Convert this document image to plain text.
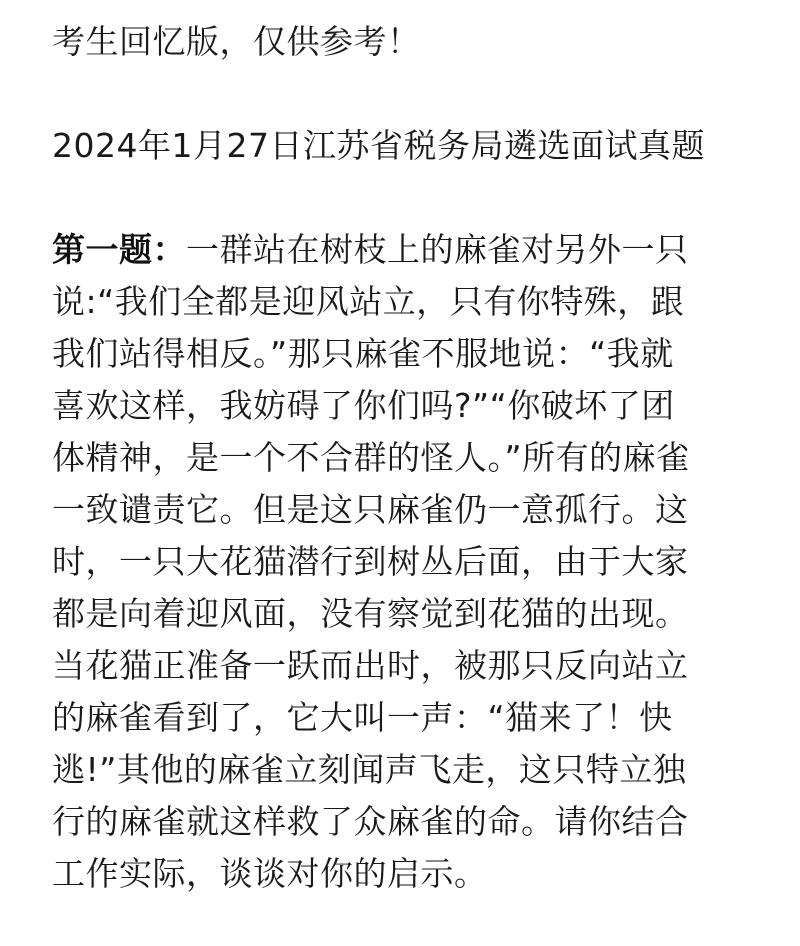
考生回忆版，仅供参考！
2024年1月27日江苏省税务局遴选面试真题
第一题：一群站在树枝上的麻雀对另外一只
说:“我们全都是迎风站立，只有你特殊，跟
我们站得相反。”那只麻雀不服地说：“我就
喜欢这样，我妨碍了你们吗?”“你破坏了团
体精神，是一个不合群的怪人。”所有的麻雀
一致谴责它。但是这只麻雀仍一意孤行。这
时，一只大花猫潜行到树丛后面，由于大家
都是向着迎风面，没有察觉到花猫的出现。
当花猫正准备一跃而出时，被那只反向站立
的麻雀看到了，它大叫一声：“猫来了！快
逃!”其他的麻雀立刻闻声飞走，这只特立独
行的麻雀就这样救了众麻雀的命。请你结合
工作实际，谈谈对你的启示。
